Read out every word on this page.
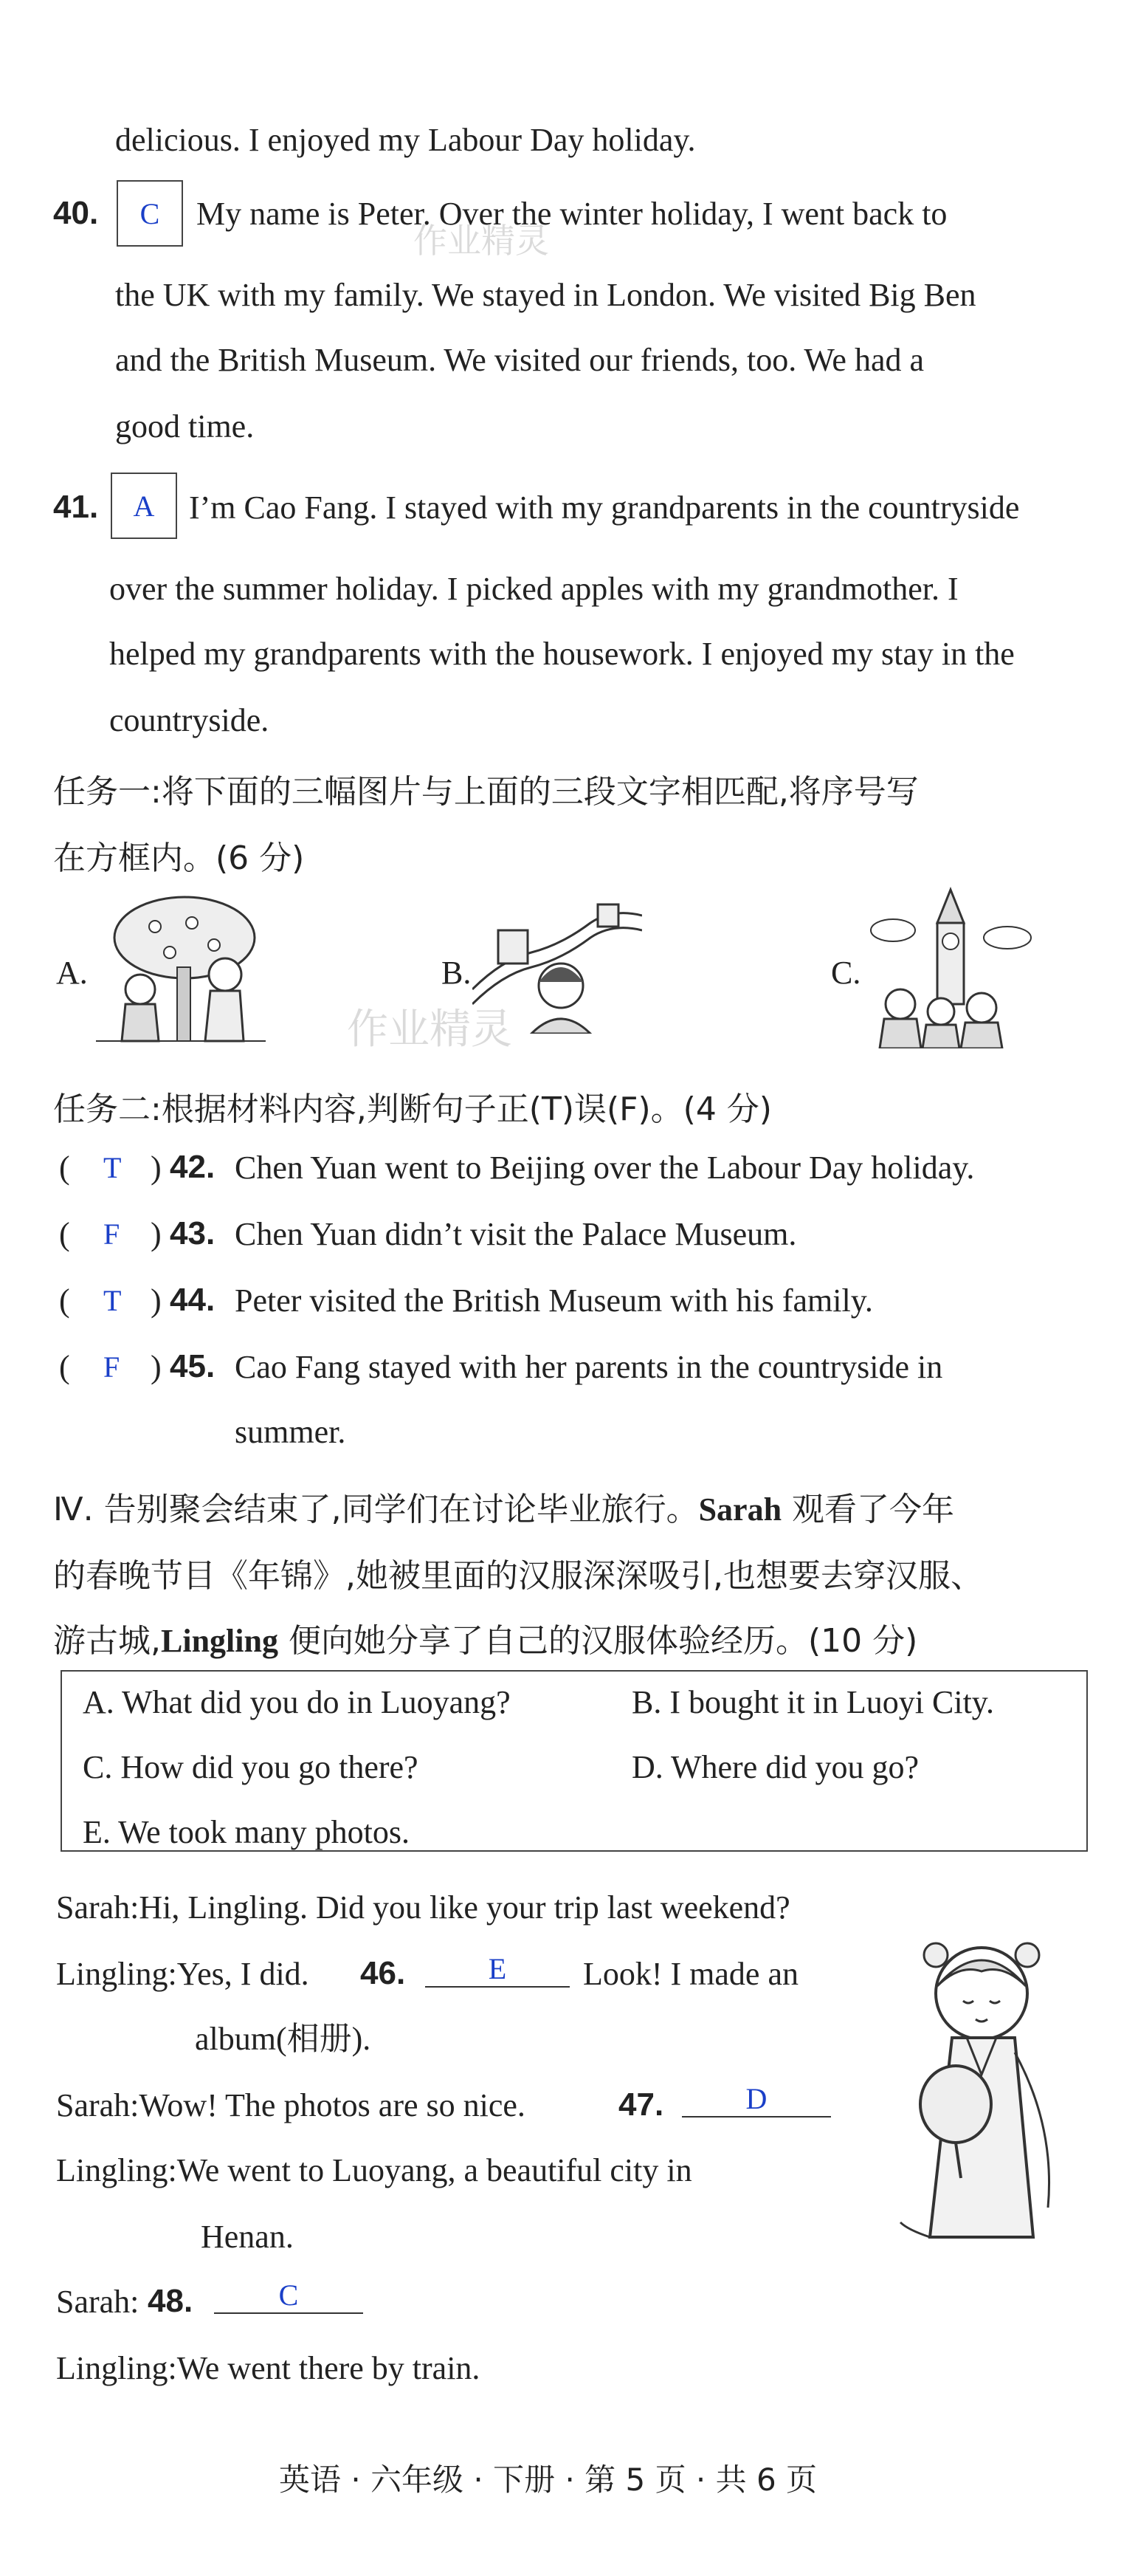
delicious. I enjoyed my Labour Day holiday.
40. C My name is Peter. Over the winter holiday, I went back to
作业精灵
the UK with my family. We stayed in London. We visited Big Ben
and the British Museum. We visited our friends, too. We had a
good time.
41. A I’m Cao Fang. I stayed with my grandparents in the countryside
over the summer holiday. I picked apples with my grandmother. I
helped my grandparents with the housework. I enjoyed my stay in the
countryside.
任务一:将下面的三幅图片与上面的三段文字相匹配,将序号写
在方框内。(6 分)
A.	B.
作业精灵
C.
任务二:根据材料内容,判断句子正(T)误(F)。(4 分)
( T ) 42. Chen Yuan went to Beijing over the Labour Day holiday.
( F ) 43. Chen Yuan didn’t visit the Palace Museum.
( T ) 44. Peter visited the British Museum with his family.
( F ) 45. Cao Fang stayed with her parents in the countryside in
summer.
Ⅳ. 告别聚会结束了,同学们在讨论毕业旅行。Sarah 观看了今年
的春晚节目《年锦》,她被里面的汉服深深吸引,也想要去穿汉服、
游古城,Lingling 便向她分享了自己的汉服体验经历。(10 分)
A. What did you do in Luoyang?	B. I bought it in Luoyi City.
C. How did you go there?	D. Where did you go?
E. We took many photos.
Sarah:Hi, Lingling. Did you like your trip last weekend?
Lingling:Yes, I did. 46.	E Look! I made an
album(相册).
Sarah:Wow! The photos are so nice.	47.	D
Lingling:We went to Luoyang, a beautiful city in
Henan.
Sarah: 48.	C
Lingling:We went there by train.
英语 · 六年级 · 下册 · 第 5 页 · 共 6 页
